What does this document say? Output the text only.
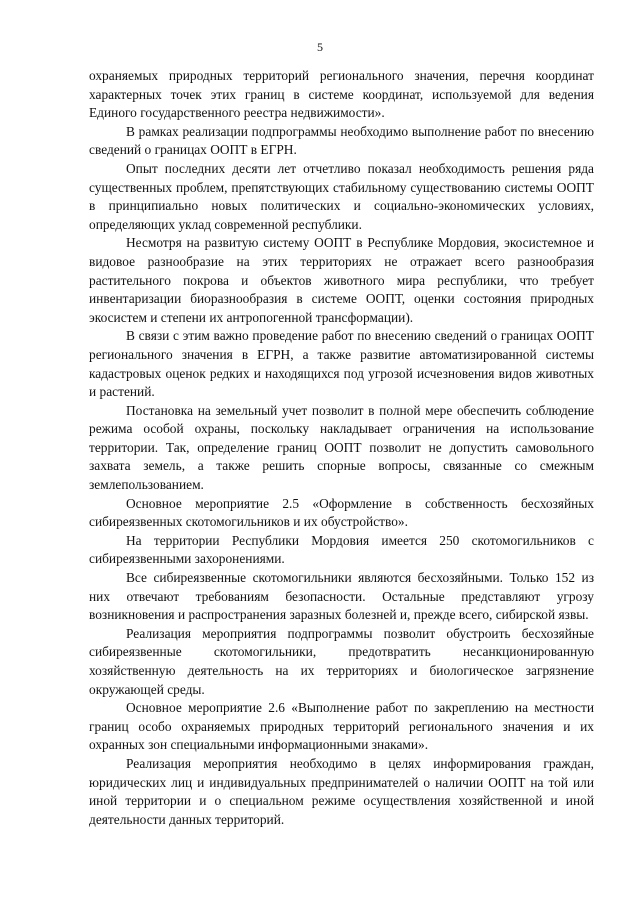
5

охраняемых природных территорий регионального значения, перечня координат характерных точек этих границ в системе координат, используемой для ведения Единого государственного реестра недвижимости».

В рамках реализации подпрограммы необходимо выполнение работ по внесению сведений о границах ООПТ в ЕГРН.

Опыт последних десяти лет отчетливо показал необходимость решения ряда существенных проблем, препятствующих стабильному существованию системы ООПТ в принципиально новых политических и социально-экономических условиях, определяющих уклад современной республики.

Несмотря на развитую систему ООПТ в Республике Мордовия, экосистемное и видовое разнообразие на этих территориях не отражает всего разнообразия растительного покрова и объектов животного мира республики, что требует инвентаризации биоразнообразия в системе ООПТ, оценки состояния природных экосистем и степени их антропогенной трансформации).

В связи с этим важно проведение работ по внесению сведений о границах ООПТ регионального значения в ЕГРН, а также развитие автоматизированной системы кадастровых оценок редких и находящихся под угрозой исчезновения видов животных и растений.

Постановка на земельный учет позволит в полной мере обеспечить соблюдение режима особой охраны, поскольку накладывает ограничения на использование территории. Так, определение границ ООПТ позволит не допустить самовольного захвата земель, а также решить спорные вопросы, связанные со смежным землепользованием.

Основное мероприятие 2.5 «Оформление в собственность бесхозяйных сибиреязвенных скотомогильников и их обустройство».

На территории Республики Мордовия имеется 250 скотомогильников с сибиреязвенными захоронениями.

Все сибиреязвенные скотомогильники являются бесхозяйными. Только 152 из них отвечают требованиям безопасности. Остальные представляют угрозу возникновения и распространения заразных болезней и, прежде всего, сибирской язвы.

Реализация мероприятия подпрограммы позволит обустроить бесхозяйные сибиреязвенные скотомогильники, предотвратить несанкционированную хозяйственную деятельность на их территориях и биологическое загрязнение окружающей среды.

Основное мероприятие 2.6 «Выполнение работ по закреплению на местности границ особо охраняемых природных территорий регионального значения и их охранных зон специальными информационными знаками».

Реализация мероприятия необходимо в целях информирования граждан, юридических лиц и индивидуальных предпринимателей о наличии ООПТ на той или иной территории и о специальном режиме осуществления хозяйственной и иной деятельности данных территорий.
